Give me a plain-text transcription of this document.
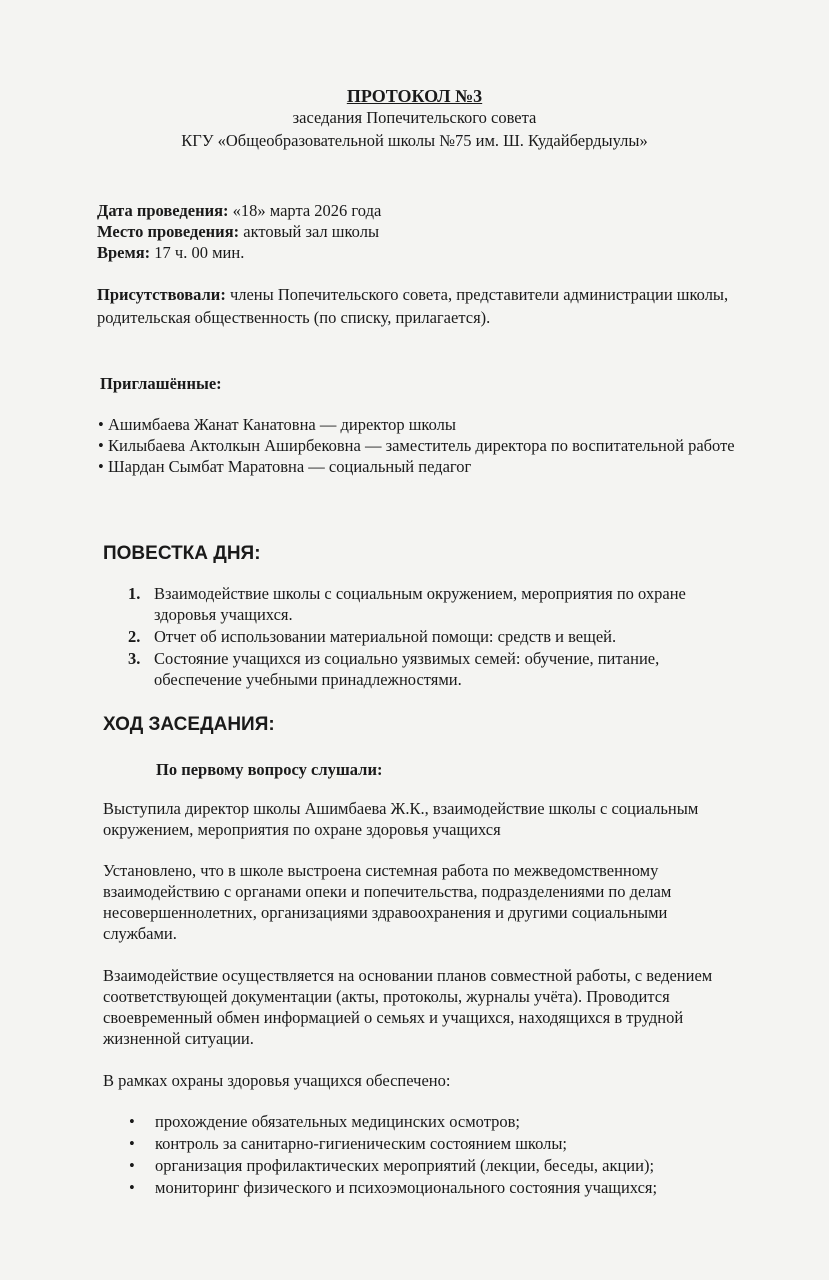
ПРОТОКОЛ №3
заседания Попечительского совета
КГУ «Общеобразовательной школы №75 им. Ш. Кудайбердыулы»
Дата проведения: «18» марта 2026 года
Место проведения: актовый зал школы
Время: 17 ч. 00 мин.
Присутствовали: члены Попечительского совета, представители администрации школы,
родительская общественность (по списку, прилагается).
Приглашённые:
• Ашимбаева Жанат Канатовна — директор школы
• Килыбаева Актолкын Аширбековна — заместитель директора по воспитательной работе
• Шардан Сымбат Маратовна — социальный педагог
ПОВЕСТКА ДНЯ:
1. Взаимодействие школы с социальным окружением, мероприятия по охране
здоровья учащихся.
2. Отчет об использовании материальной помощи: средств и вещей.
3. Состояние учащихся из социально уязвимых семей: обучение, питание,
обеспечение учебными принадлежностями.
ХОД ЗАСЕДАНИЯ:
По первому вопросу слушали:
Выступила директор школы Ашимбаева Ж.К., взаимодействие школы с социальным
окружением, мероприятия по охране здоровья учащихся
Установлено, что в школе выстроена системная работа по межведомственному
взаимодействию с органами опеки и попечительства, подразделениями по делам
несовершеннолетних, организациями здравоохранения и другими социальными
службами.
Взаимодействие осуществляется на основании планов совместной работы, с ведением
соответствующей документации (акты, протоколы, журналы учёта). Проводится
своевременный обмен информацией о семьях и учащихся, находящихся в трудной
жизненной ситуации.
В рамках охраны здоровья учащихся обеспечено:
• прохождение обязательных медицинских осмотров;
• контроль за санитарно-гигиеническим состоянием школы;
• организация профилактических мероприятий (лекции, беседы, акции);
• мониторинг физического и психоэмоционального состояния учащихся;
